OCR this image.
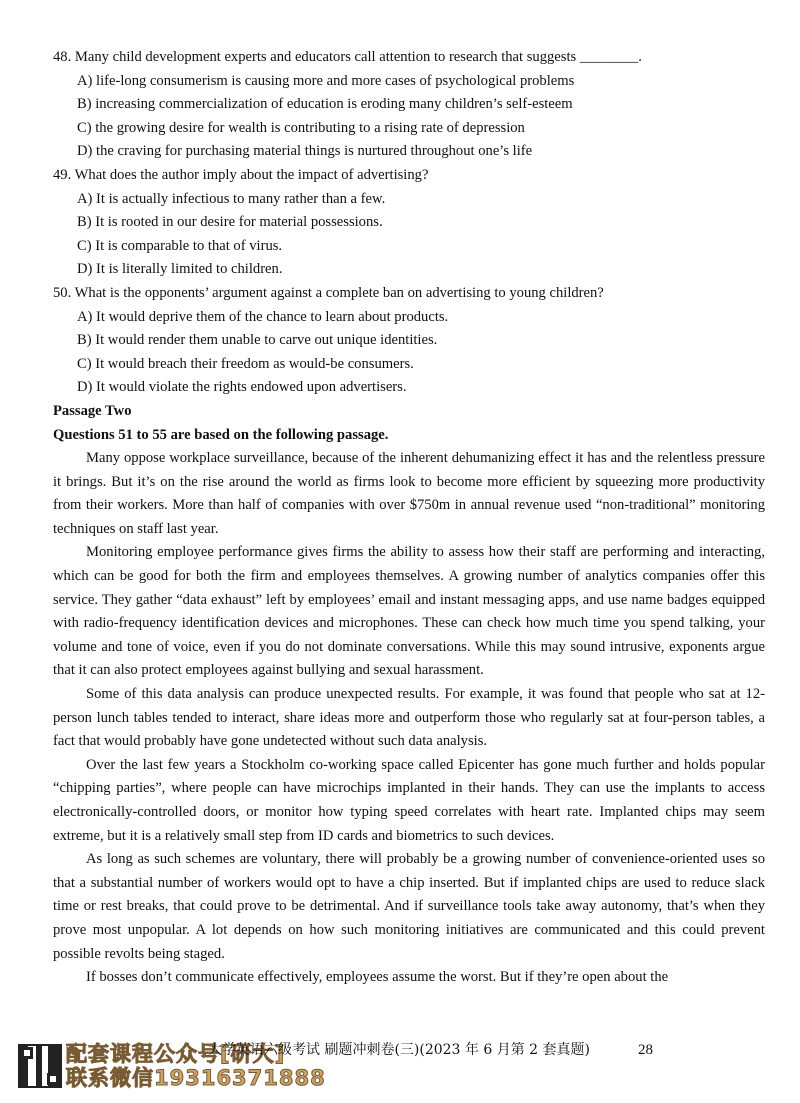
48. Many child development experts and educators call attention to research that suggests ________.
A) life-long consumerism is causing more and more cases of psychological problems
B) increasing commercialization of education is eroding many children’s self-esteem
C) the growing desire for wealth is contributing to a rising rate of depression
D) the craving for purchasing material things is nurtured throughout one’s life
49. What does the author imply about the impact of advertising?
A) It is actually infectious to many rather than a few.
B) It is rooted in our desire for material possessions.
C) It is comparable to that of virus.
D) It is literally limited to children.
50. What is the opponents’ argument against a complete ban on advertising to young children?
A) It would deprive them of the chance to learn about products.
B) It would render them unable to carve out unique identities.
C) It would breach their freedom as would-be consumers.
D) It would violate the rights endowed upon advertisers.
Passage Two
Questions 51 to 55 are based on the following passage.

Many oppose workplace surveillance, because of the inherent dehumanizing effect it has and the relentless pressure it brings. But it’s on the rise around the world as firms look to become more efficient by squeezing more productivity from their workers. More than half of companies with over $750m in annual revenue used “non-traditional” monitoring techniques on staff last year.

Monitoring employee performance gives firms the ability to assess how their staff are performing and interacting, which can be good for both the firm and employees themselves. A growing number of analytics companies offer this service. They gather “data exhaust” left by employees’ email and instant messaging apps, and use name badges equipped with radio-frequency identification devices and microphones. These can check how much time you spend talking, your volume and tone of voice, even if you do not dominate conversations. While this may sound intrusive, exponents argue that it can also protect employees against bullying and sexual harassment.

Some of this data analysis can produce unexpected results. For example, it was found that people who sat at 12-person lunch tables tended to interact, share ideas more and outperform those who regularly sat at four-person tables, a fact that would probably have gone undetected without such data analysis.

Over the last few years a Stockholm co-working space called Epicenter has gone much further and holds popular “chipping parties”, where people can have microchips implanted in their hands. They can use the implants to access electronically-controlled doors, or monitor how typing speed correlates with heart rate. Implanted chips may seem extreme, but it is a relatively small step from ID cards and biometrics to such devices.

As long as such schemes are voluntary, there will probably be a growing number of convenience-oriented uses so that a substantial number of workers would opt to have a chip inserted. But if implanted chips are used to reduce slack time or rest breaks, that could prove to be detrimental. And if surveillance tools take away autonomy, that’s when they prove most unpopular. A lot depends on how such monitoring initiatives are communicated and this could prevent possible revolts being staged.

If bosses don’t communicate effectively, employees assume the worst. But if they’re open about the

配套课程公众号[研大]
联系微信19316371888
大学英语六级考试 刷题冲刺卷(三)(2023 年 6 月第 2 套真题)	28
